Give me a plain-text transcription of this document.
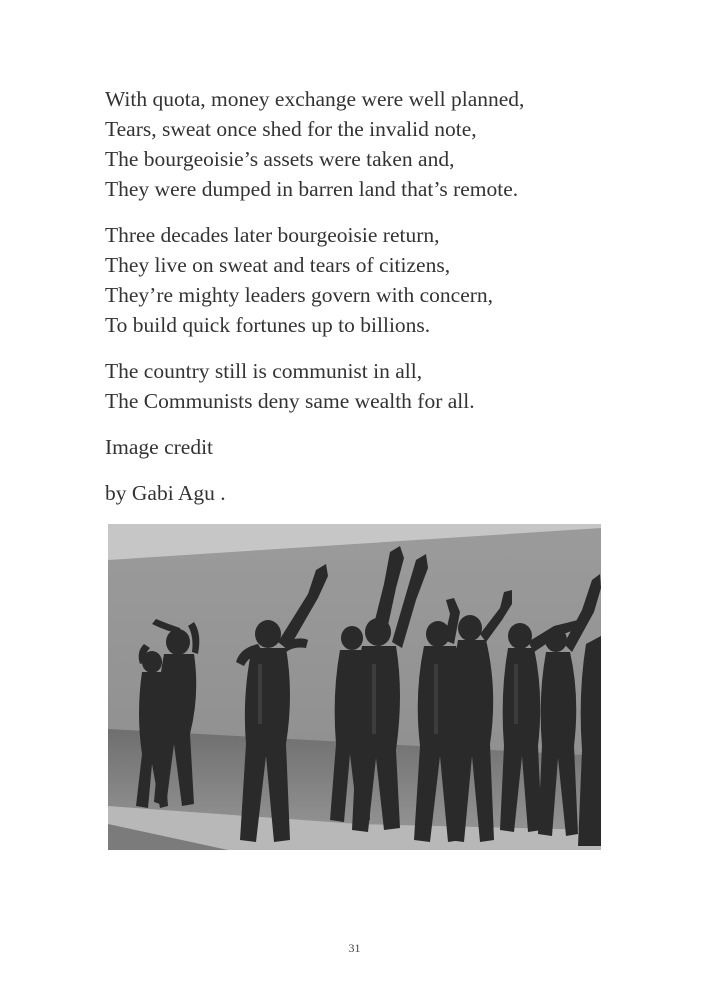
With quota, money exchange were well planned,
Tears, sweat once shed for the invalid note,
The bourgeoisie’s assets were taken and,
They were dumped in barren land that’s remote.
Three decades later bourgeoisie return,
They live on sweat and tears of citizens,
They’re mighty leaders govern with concern,
To build quick fortunes up to billions.
The country still is communist in all,
The Communists deny same wealth for all.
Image credit
by Gabi Agu .
31
